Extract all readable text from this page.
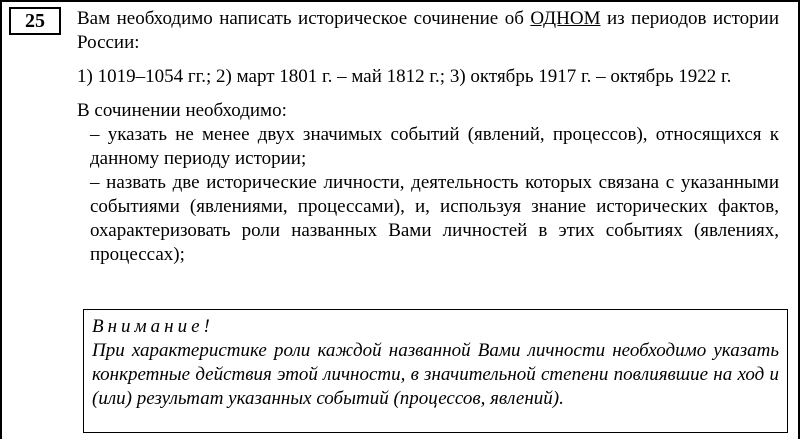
25	Вам необходимо написать историческое сочинение об ОДНОМ из периодов истории России:

1) 1019–1054 гг.; 2) март 1801 г. – май 1812 г.; 3) октябрь 1917 г. – октябрь 1922 г.

В сочинении необходимо:

– указать не менее двух значимых событий (явлений, процессов), относящихся к данному периоду истории;

– назвать две исторические личности, деятельность которых связана с указанными событиями (явлениями, процессами), и, используя знание исторических фактов, охарактеризовать роли названных Вами личностей в этих событиях (явлениях, процессах);

Внимание!

При характеристике роли каждой названной Вами личности необходимо указать конкретные действия этой личности, в значительной степени повлиявшие на ход и (или) результат указанных событий (процессов, явлений).
